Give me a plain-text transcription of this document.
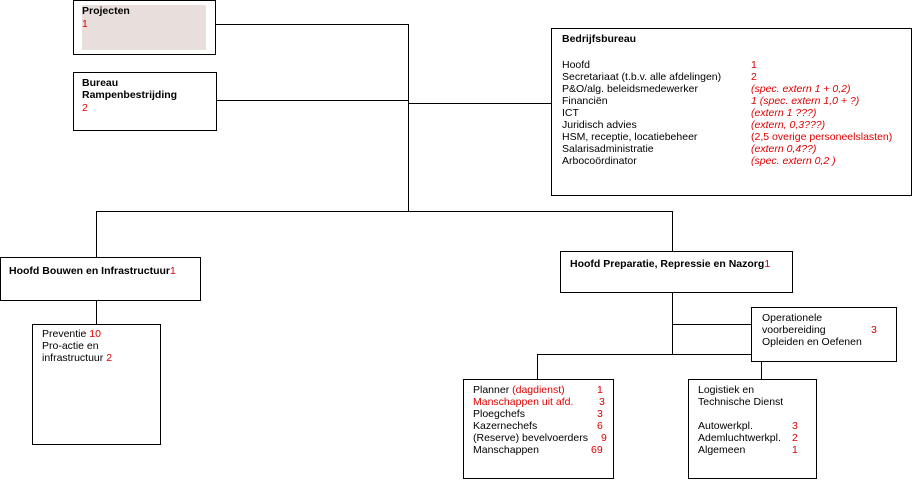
Projecten
1
Bureau
Rampenbestrijding
2
Bedrijfsbureau
Hoofd	1
Secretariaat (t.b.v. alle afdelingen)	2
P&O/alg. beleidsmedewerker	(spec. extern 1 + 0,2)
Financiën	1 (spec. extern 1,0 + ?)
ICT	(extern 1 ???)
Juridisch advies	(extern, 0,3???)
HSM, receptie, locatiebeheer	(2,5 overige personeelslasten)
Salarisadministratie	(extern 0,4??)
Arbocoördinator	(spec. extern 0,2 )
Hoofd Bouwen en Infrastructuur1
Preventie 10
Pro-actie en
infrastructuur 2
Hoofd Preparatie, Repressie en Nazorg1
Operationele
voorbereiding	3
Opleiden en Oefenen
Planner (dagdienst)	1
Manschappen uit afd. 3
Ploegchefs	3
Kazernechefs	6
(Reserve) bevelvoerders 9
Manschappen	69
Logistiek en
Technische Dienst
Autowerkpl.	3
Ademluchtwerkpl. 2
Algemeen	1
